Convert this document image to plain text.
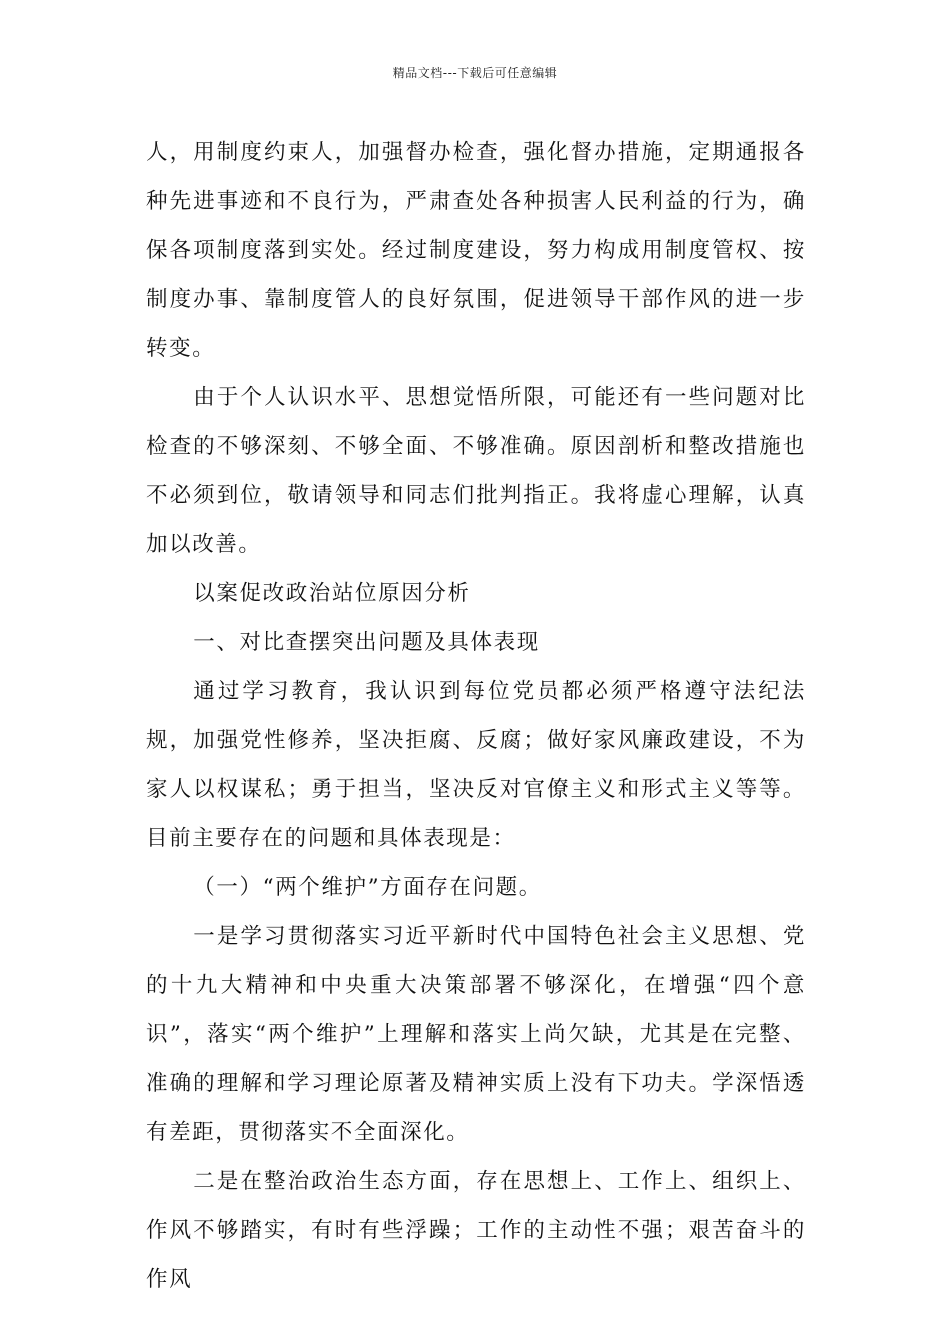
精品文档---下载后可任意编辑

人，用制度约束人，加强督办检查，强化督办措施，定期通报各种先进事迹和不良行为，严肃查处各种损害人民利益的行为，确保各项制度落到实处。经过制度建设，努力构成用制度管权、按制度办事、靠制度管人的良好氛围，促进领导干部作风的进一步转变。

由于个人认识水平、思想觉悟所限，可能还有一些问题对比检查的不够深刻、不够全面、不够准确。原因剖析和整改措施也不必须到位，敬请领导和同志们批判指正。我将虚心理解，认真加以改善。

以案促改政治站位原因分析

一、对比查摆突出问题及具体表现

通过学习教育，我认识到每位党员都必须严格遵守法纪法规，加强党性修养，坚决拒腐、反腐；做好家风廉政建设，不为家人以权谋私；勇于担当，坚决反对官僚主义和形式主义等等。目前主要存在的问题和具体表现是：

（一）“两个维护”方面存在问题。

一是学习贯彻落实习近平新时代中国特色社会主义思想、党的十九大精神和中央重大决策部署不够深化，在增强“四个意识”，落实“两个维护”上理解和落实上尚欠缺，尤其是在完整、准确的理解和学习理论原著及精神实质上没有下功夫。学深悟透有差距，贯彻落实不全面深化。

二是在整治政治生态方面，存在思想上、工作上、组织上、作风不够踏实，有时有些浮躁；工作的主动性不强；艰苦奋斗的作风
